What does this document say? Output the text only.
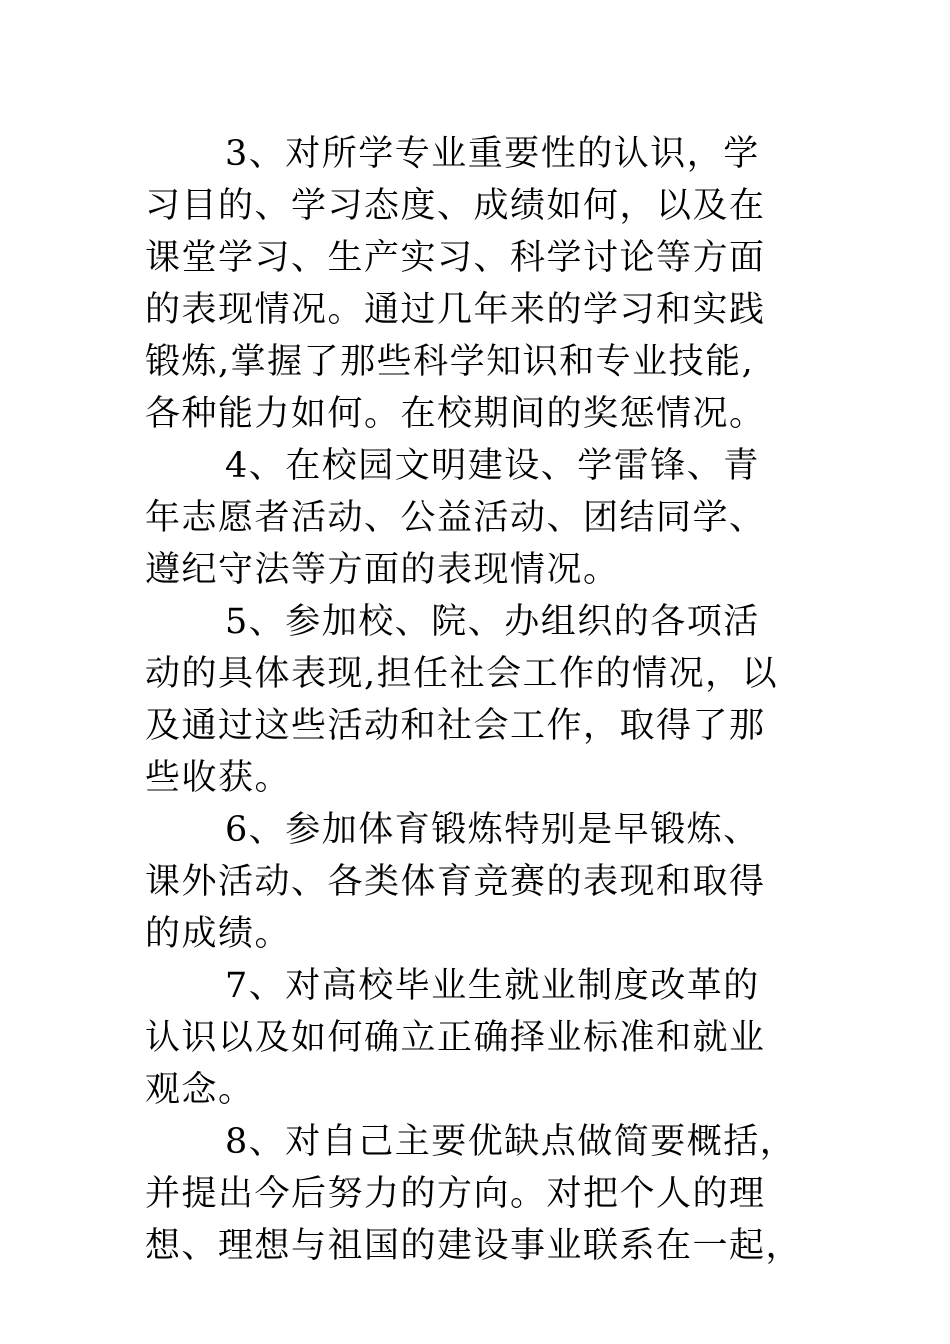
3、对所学专业重要性的认识，学
习目的、学习态度、成绩如何，以及在
课堂学习、生产实习、科学讨论等方面
的表现情况。通过几年来的学习和实践
锻炼,掌握了那些科学知识和专业技能,
各种能力如何。在校期间的奖惩情况。
4、在校园文明建设、学雷锋、青
年志愿者活动、公益活动、团结同学、
遵纪守法等方面的表现情况。
5、参加校、院、办组织的各项活
动的具体表现,担任社会工作的情况，以
及通过这些活动和社会工作，取得了那
些收获。
6、参加体育锻炼特别是早锻炼、
课外活动、各类体育竞赛的表现和取得
的成绩。
7、对高校毕业生就业制度改革的
认识以及如何确立正确择业标准和就业
观念。
8、对自己主要优缺点做简要概括，
并提出今后努力的方向。对把个人的理
想、理想与祖国的建设事业联系在一起，
